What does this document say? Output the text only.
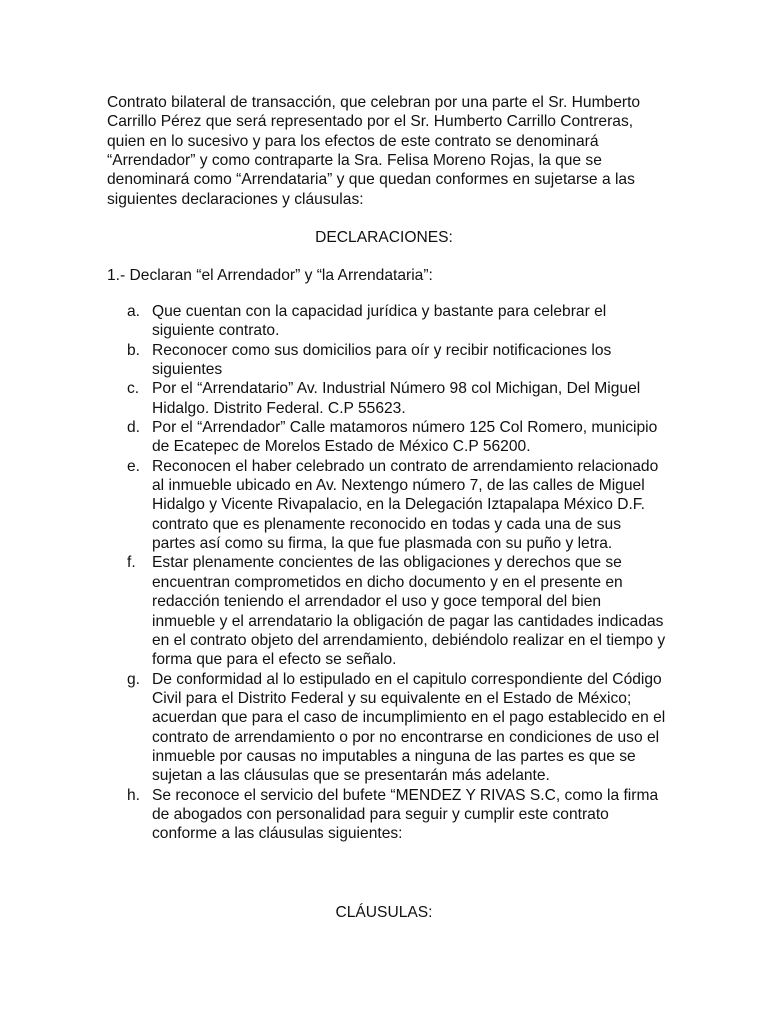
Contrato bilateral de transacción, que celebran por una parte el Sr. Humberto Carrillo Pérez que será representado por el Sr. Humberto Carrillo Contreras, quien en lo sucesivo y para los efectos de este contrato se denominará “Arrendador” y como contraparte la Sra. Felisa Moreno Rojas, la que se denominará como “Arrendataria” y que quedan conformes en sujetarse a las siguientes declaraciones y cláusulas:

DECLARACIONES:

1.- Declaran “el Arrendador” y “la Arrendataria”:

a. Que cuentan con la capacidad jurídica y bastante para celebrar el siguiente contrato.
b. Reconocer como sus domicilios para oír y recibir notificaciones los siguientes
c. Por el “Arrendatario” Av. Industrial Número 98 col Michigan, Del Miguel Hidalgo. Distrito Federal. C.P 55623.
d. Por el “Arrendador” Calle matamoros número 125 Col Romero, municipio de Ecatepec de Morelos Estado de México C.P 56200.
e. Reconocen el haber celebrado un contrato de arrendamiento relacionado al inmueble ubicado en Av. Nextengo número 7, de las calles de Miguel Hidalgo y Vicente Rivapalacio, en la Delegación Iztapalapa México D.F. contrato que es plenamente reconocido en todas y cada una de sus partes así como su firma, la que fue plasmada con su puño y letra.
f.	Estar plenamente concientes de las obligaciones y derechos que se encuentran comprometidos en dicho documento y en el presente en redacción teniendo el arrendador el uso y goce temporal del bien inmueble y el arrendatario la obligación de pagar las cantidades indicadas en el contrato objeto del arrendamiento, debiéndolo realizar en el tiempo y forma que para el efecto se señalo.
g. De conformidad al lo estipulado en el capitulo correspondiente del Código Civil para el Distrito Federal y su equivalente en el Estado de México; acuerdan que para el caso de incumplimiento en el pago establecido en el contrato de arrendamiento o por no encontrarse en condiciones de uso el inmueble por causas no imputables a ninguna de las partes es que se sujetan a las cláusulas que se presentarán más adelante.
h. Se reconoce el servicio del bufete “MENDEZ Y RIVAS S.C, como la firma de abogados con personalidad para seguir y cumplir este contrato conforme a las cláusulas siguientes:

CLÁUSULAS:
